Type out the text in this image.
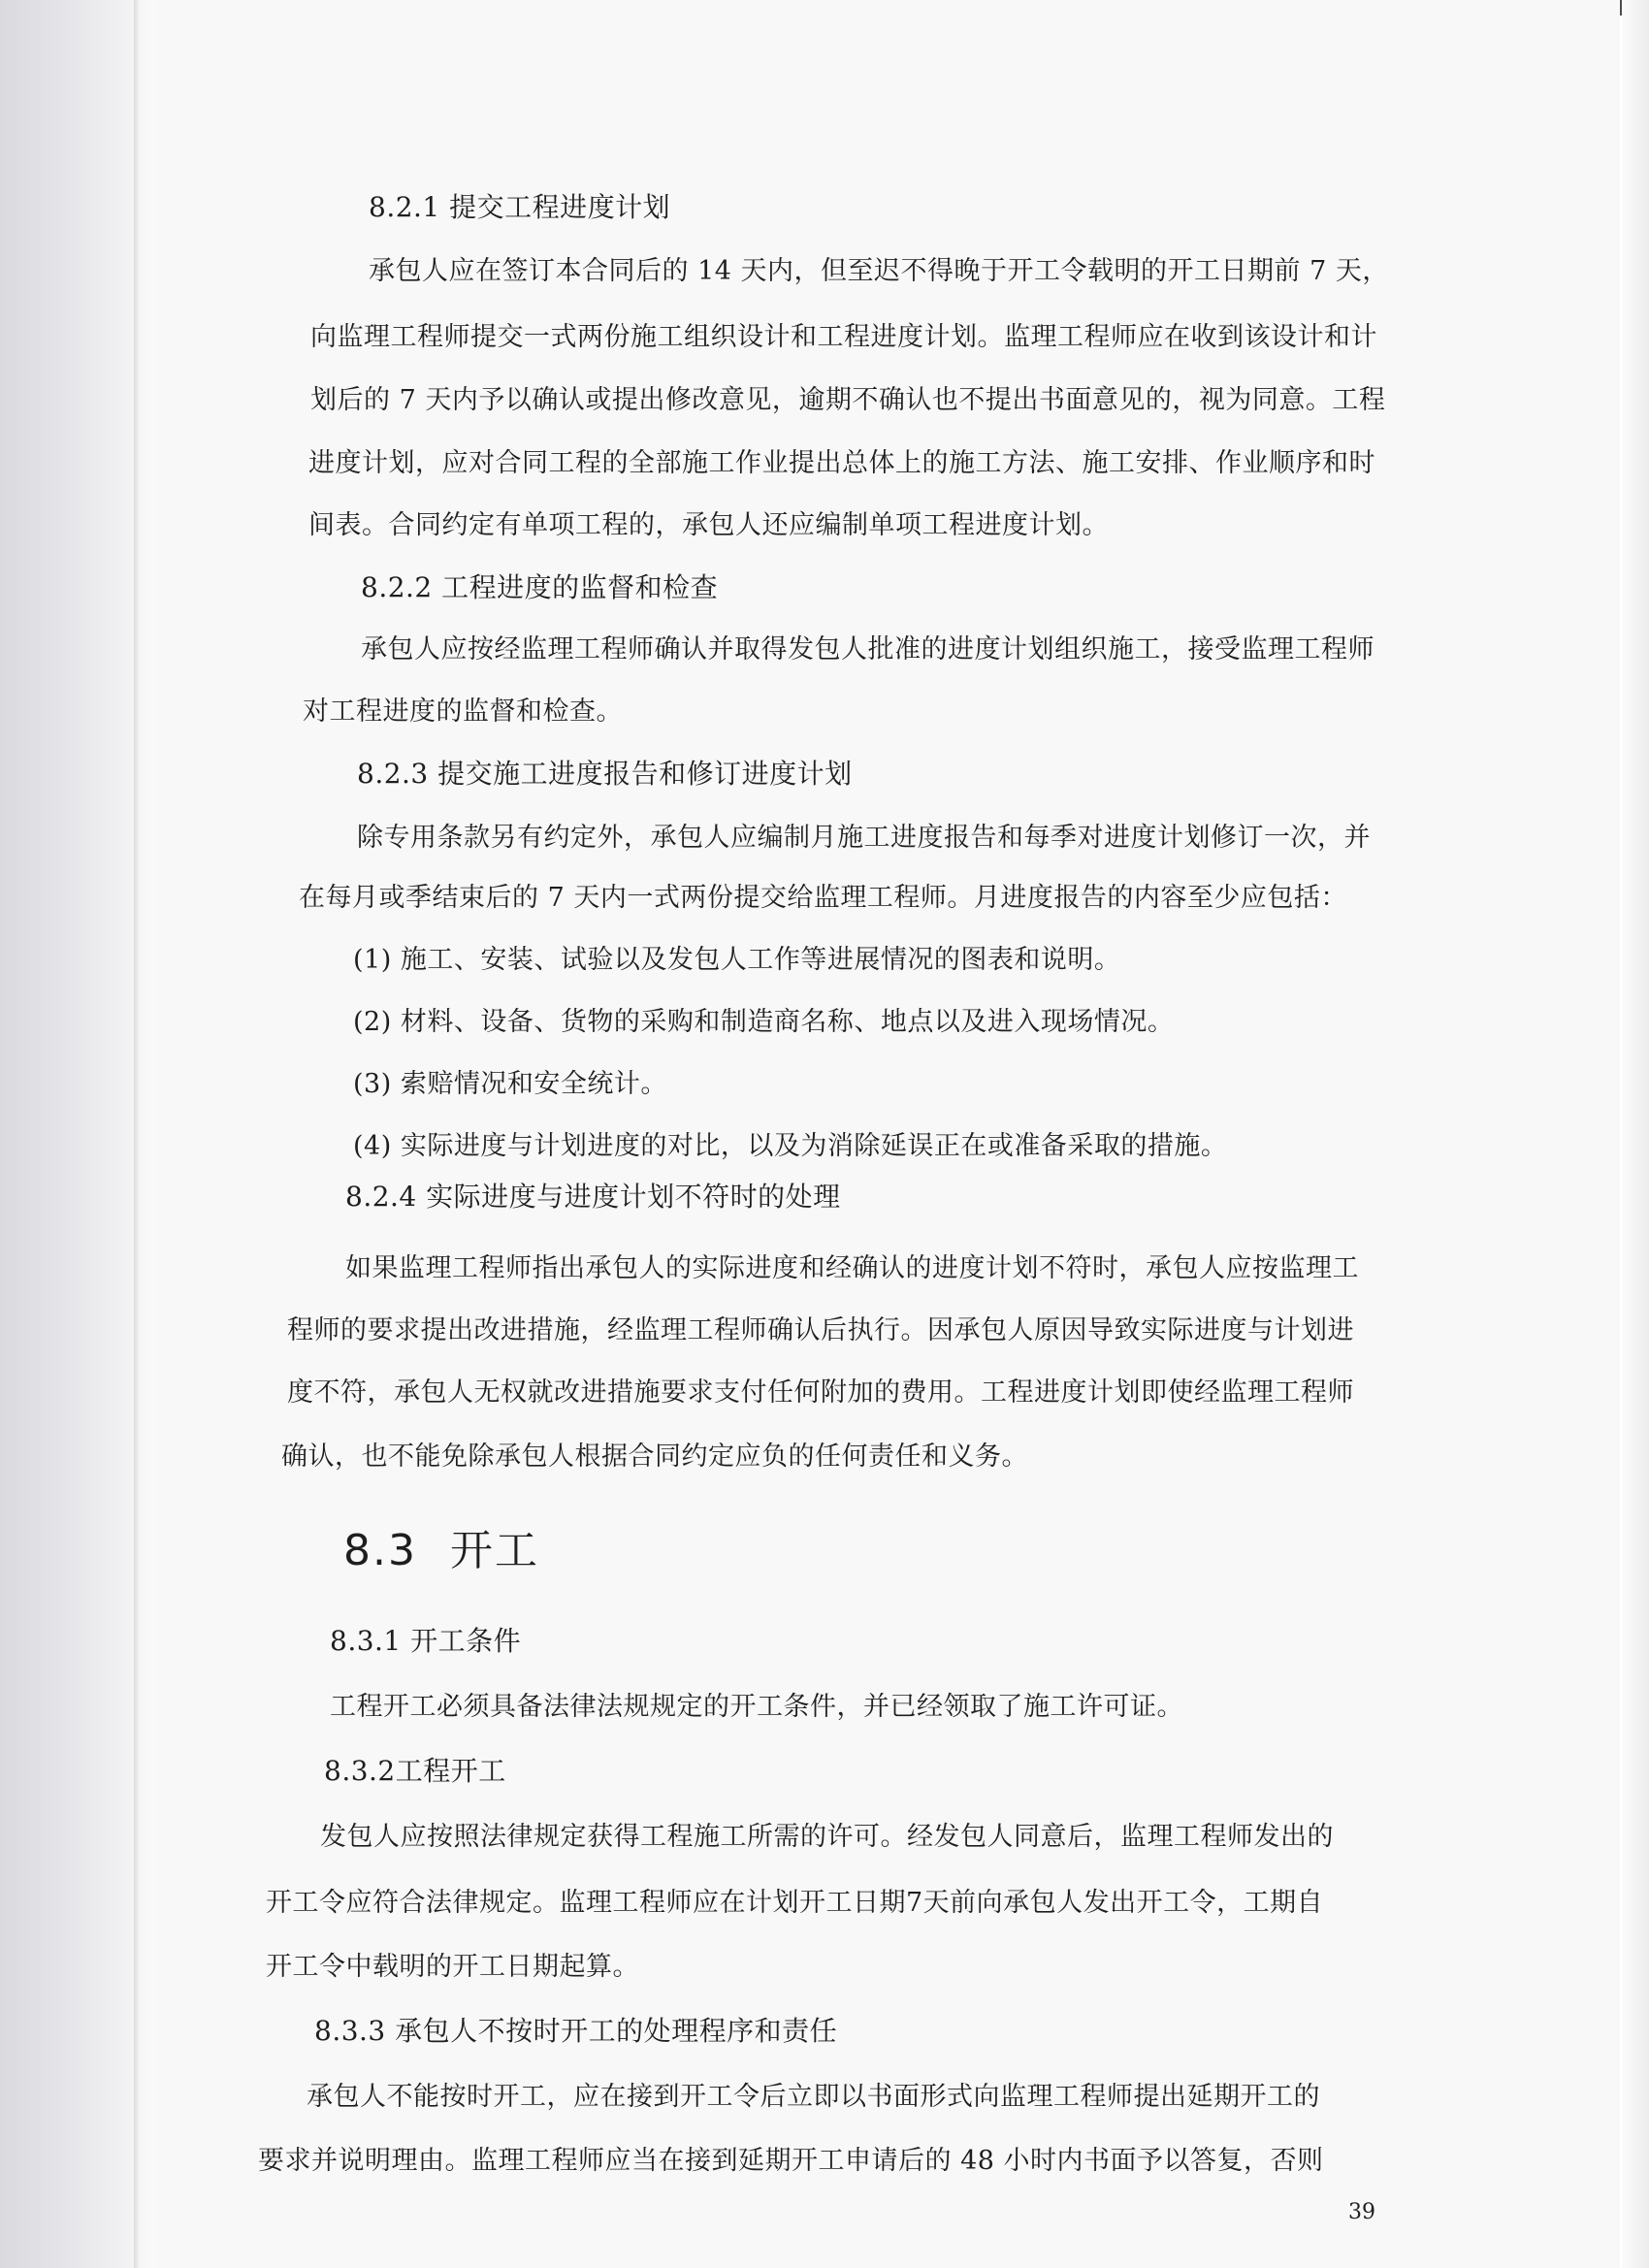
8.2.1 提交工程进度计划
承包人应在签订本合同后的 14 天内，但至迟不得晚于开工令载明的开工日期前 7 天，
向监理工程师提交一式两份施工组织设计和工程进度计划。监理工程师应在收到该设计和计
划后的 7 天内予以确认或提出修改意见，逾期不确认也不提出书面意见的，视为同意。工程
进度计划，应对合同工程的全部施工作业提出总体上的施工方法、施工安排、作业顺序和时
间表。合同约定有单项工程的，承包人还应编制单项工程进度计划。
8.2.2 工程进度的监督和检查
承包人应按经监理工程师确认并取得发包人批准的进度计划组织施工，接受监理工程师
对工程进度的监督和检查。
8.2.3 提交施工进度报告和修订进度计划
除专用条款另有约定外，承包人应编制月施工进度报告和每季对进度计划修订一次，并
在每月或季结束后的 7 天内一式两份提交给监理工程师。月进度报告的内容至少应包括：
(1) 施工、安装、试验以及发包人工作等进展情况的图表和说明。
(2) 材料、设备、货物的采购和制造商名称、地点以及进入现场情况。
(3) 索赔情况和安全统计。
(4) 实际进度与计划进度的对比，以及为消除延误正在或准备采取的措施。
8.2.4 实际进度与进度计划不符时的处理
如果监理工程师指出承包人的实际进度和经确认的进度计划不符时，承包人应按监理工
程师的要求提出改进措施，经监理工程师确认后执行。因承包人原因导致实际进度与计划进
度不符，承包人无权就改进措施要求支付任何附加的费用。工程进度计划即使经监理工程师
确认，也不能免除承包人根据合同约定应负的任何责任和义务。
8.3 开工
8.3.1 开工条件
工程开工必须具备法律法规规定的开工条件，并已经领取了施工许可证。
8.3.2工程开工
发包人应按照法律规定获得工程施工所需的许可。经发包人同意后，监理工程师发出的
开工令应符合法律规定。监理工程师应在计划开工日期7天前向承包人发出开工令，工期自
开工令中载明的开工日期起算。
8.3.3 承包人不按时开工的处理程序和责任
承包人不能按时开工，应在接到开工令后立即以书面形式向监理工程师提出延期开工的
要求并说明理由。监理工程师应当在接到延期开工申请后的 48 小时内书面予以答复，否则
39
